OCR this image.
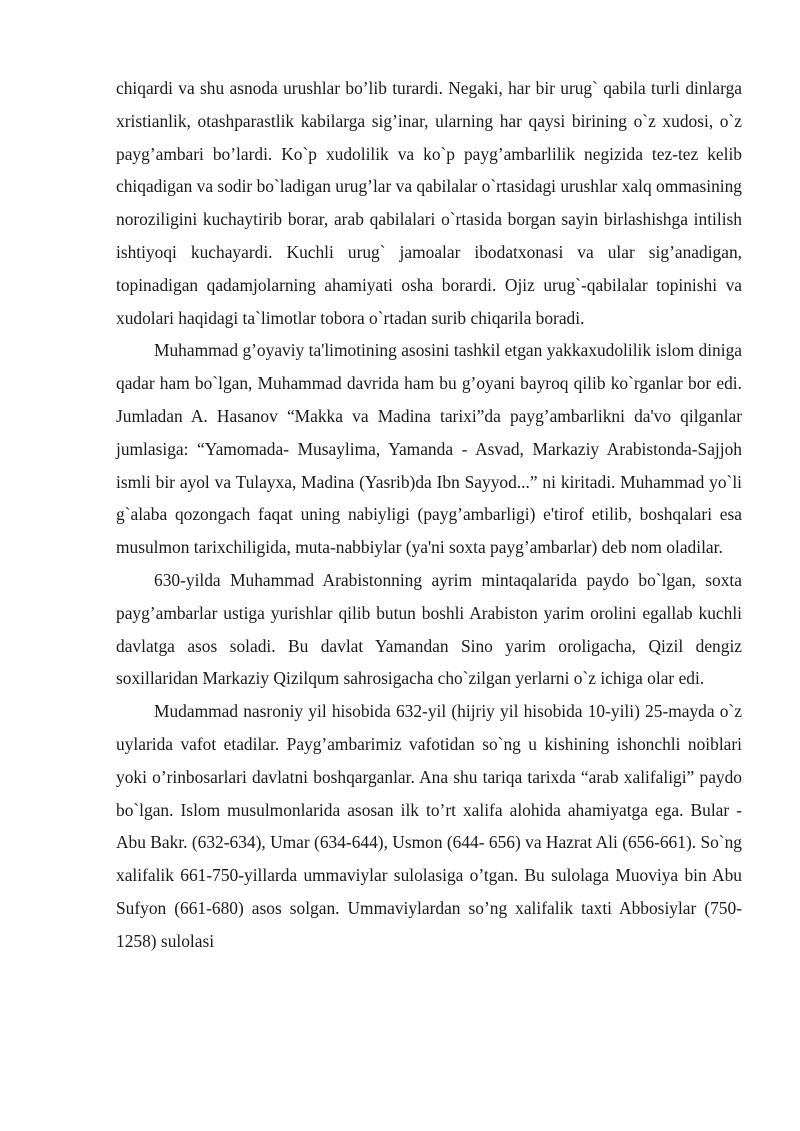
chiqardi va shu asnoda urushlar bo’lib turardi. Negaki, har bir urug` qabila turli dinlarga xristianlik, otashparastlik kabilarga sig’inar, ularning har qaysi birining o`z xudosi, o`z payg’ambari bo’lardi. Ko`p xudolilik va ko`p payg’ambarlilik negizida tez-tez kelib chiqadigan va sodir bo`ladigan urug’lar va qabilalar o`rtasidagi urushlar xalq ommasining noroziligini kuchaytirib borar, arab qabilalari o`rtasida borgan sayin birlashishga intilish ishtiyoqi kuchayardi. Kuchli urug` jamoalar ibodatxonasi va ular sig’anadigan, topinadigan qadamjolarning ahamiyati osha borardi. Ojiz urug`-qabilalar topinishi va xudolari haqidagi ta`limotlar tobora o`rtadan surib chiqarila boradi.

Muhammad g’oyaviy ta'limotining asosini tashkil etgan yakkaxudolilik islom diniga qadar ham bo`lgan, Muhammad davrida ham bu g’oyani bayroq qilib ko`rganlar bor edi. Jumladan A. Hasanov “Makka va Madina tarixi”da payg’ambarlikni da'vo qilganlar jumlasiga: “Yamomada- Musaylima, Yamanda - Asvad, Markaziy Arabistonda-Sajjoh ismli bir ayol va Tulayxa, Madina (Yasrib)da Ibn Sayyod...” ni kiritadi. Muhammad yo`li g`alaba qozongach faqat uning nabiyligi (payg’ambarligi) e'tirof etilib, boshqalari esa musulmon tarixchiligida, muta-nabbiylar (ya'ni soxta payg’ambarlar) deb nom oladilar.

630-yilda Muhammad Arabistonning ayrim mintaqalarida paydo bo`lgan, soxta payg’ambarlar ustiga yurishlar qilib butun boshli Arabiston yarim orolini egallab kuchli davlatga asos soladi. Bu davlat Yamandan Sino yarim oroligacha, Qizil dengiz soxillaridan Markaziy Qizilqum sahrosigacha cho`zilgan yerlarni o`z ichiga olar edi.

Mudammad nasroniy yil hisobida 632-yil (hijriy yil hisobida 10-yili) 25-mayda o`z uylarida vafot etadilar. Payg’ambarimiz vafotidan so`ng u kishining ishonchli noiblari yoki o’rinbosarlari davlatni boshqarganlar. Ana shu tariqa tarixda “arab xalifaligi” paydo bo`lgan. Islom musulmonlarida asosan ilk to’rt xalifa alohida ahamiyatga ega. Bular - Abu Bakr. (632-634), Umar (634-644), Usmon (644- 656) va Hazrat Ali (656-661). So`ng xalifalik 661-750-yillarda ummaviylar sulolasiga o’tgan. Bu sulolaga Muoviya bin Abu Sufyon (661-680) asos solgan. Ummaviylardan so’ng xalifalik taxti Abbosiylar (750-1258) sulolasi
